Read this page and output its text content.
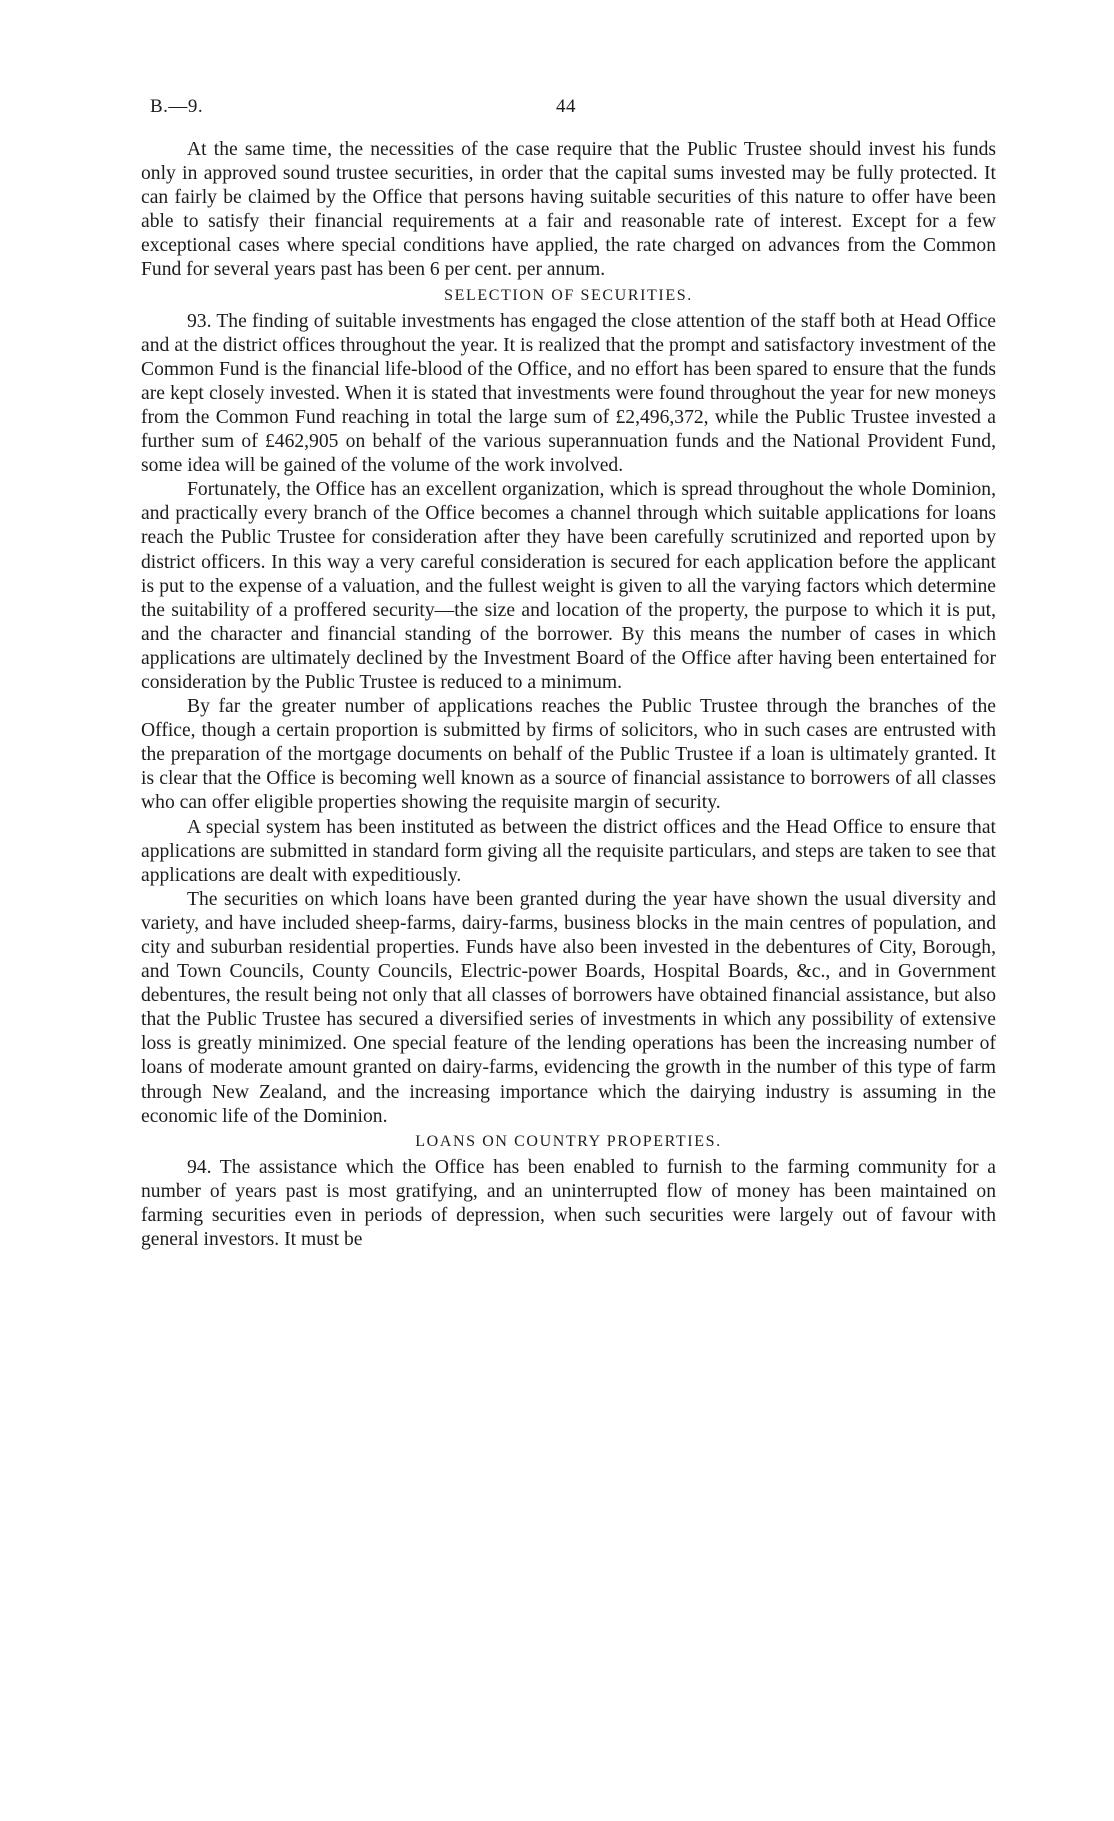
B.—9.	44

At the same time, the necessities of the case require that the Public Trustee should invest his funds only in approved sound trustee securities, in order that the capital sums invested may be fully protected. It can fairly be claimed by the Office that persons having suitable securities of this nature to offer have been able to satisfy their financial requirements at a fair and reasonable rate of interest. Except for a few exceptional cases where special conditions have applied, the rate charged on advances from the Common Fund for several years past has been 6 per cent. per annum.

SELECTION OF SECURITIES.

93. The finding of suitable investments has engaged the close attention of the staff both at Head Office and at the district offices throughout the year. It is realized that the prompt and satisfactory investment of the Common Fund is the financial life-blood of the Office, and no effort has been spared to ensure that the funds are kept closely invested. When it is stated that investments were found throughout the year for new moneys from the Common Fund reaching in total the large sum of £2,496,372, while the Public Trustee invested a further sum of £462,905 on behalf of the various superannuation funds and the National Provident Fund, some idea will be gained of the volume of the work involved.

Fortunately, the Office has an excellent organization, which is spread throughout the whole Dominion, and practically every branch of the Office becomes a channel through which suitable applications for loans reach the Public Trustee for consideration after they have been carefully scrutinized and reported upon by district officers. In this way a very careful consideration is secured for each application before the applicant is put to the expense of a valuation, and the fullest weight is given to all the varying factors which determine the suitability of a proffered security—the size and location of the property, the purpose to which it is put, and the character and financial standing of the borrower. By this means the number of cases in which applications are ultimately declined by the Investment Board of the Office after having been entertained for consideration by the Public Trustee is reduced to a minimum.

By far the greater number of applications reaches the Public Trustee through the branches of the Office, though a certain proportion is submitted by firms of solicitors, who in such cases are entrusted with the preparation of the mortgage documents on behalf of the Public Trustee if a loan is ultimately granted. It is clear that the Office is becoming well known as a source of financial assistance to borrowers of all classes who can offer eligible properties showing the requisite margin of security.

A special system has been instituted as between the district offices and the Head Office to ensure that applications are submitted in standard form giving all the requisite particulars, and steps are taken to see that applications are dealt with expeditiously.

The securities on which loans have been granted during the year have shown the usual diversity and variety, and have included sheep-farms, dairy-farms, business blocks in the main centres of population, and city and suburban residential properties. Funds have also been invested in the debentures of City, Borough, and Town Councils, County Councils, Electric-power Boards, Hospital Boards, &c., and in Government debentures, the result being not only that all classes of borrowers have obtained financial assistance, but also that the Public Trustee has secured a diversified series of investments in which any possibility of extensive loss is greatly minimized. One special feature of the lending operations has been the increasing number of loans of moderate amount granted on dairy-farms, evidencing the growth in the number of this type of farm through New Zealand, and the increasing importance which the dairying industry is assuming in the economic life of the Dominion.

LOANS ON COUNTRY PROPERTIES.

94. The assistance which the Office has been enabled to furnish to the farming community for a number of years past is most gratifying, and an uninterrupted flow of money has been maintained on farming securities even in periods of depression, when such securities were largely out of favour with general investors. It must be
